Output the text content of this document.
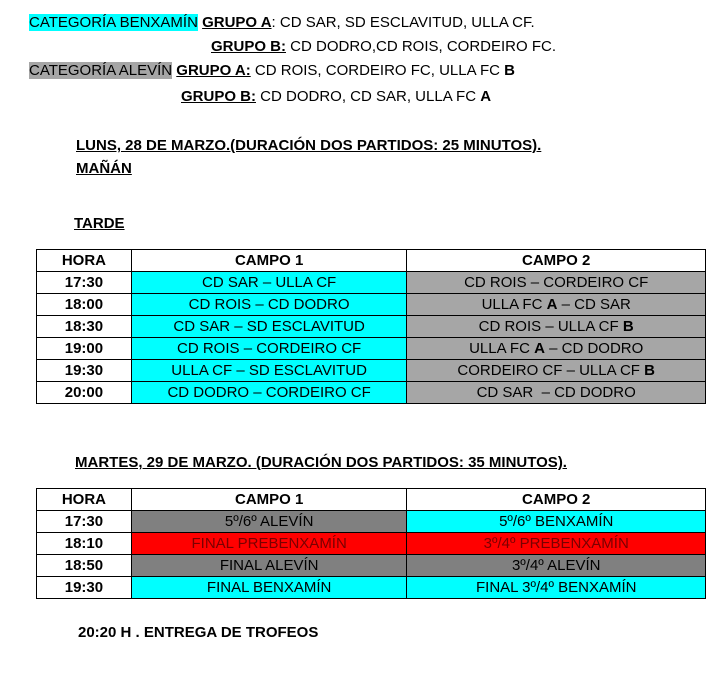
CATEGORÍA BENXAMÍN GRUPO A: CD SAR, SD ESCLAVITUD, ULLA CF.
GRUPO B: CD DODRO,CD ROIS, CORDEIRO FC.
CATEGORÍA ALEVÍN GRUPO A: CD ROIS, CORDEIRO FC, ULLA FC B
GRUPO B: CD DODRO, CD SAR, ULLA FC A
LUNS, 28 DE MARZO.(DURACIÓN DOS PARTIDOS: 25 MINUTOS).
MAÑÁN
TARDE
HORA	CAMPO 1	CAMPO 2
17:30	CD SAR – ULLA CF	CD ROIS – CORDEIRO CF
18:00	CD ROIS – CD DODRO	ULLA FC A – CD SAR
18:30	CD SAR – SD ESCLAVITUD	CD ROIS – ULLA CF B
19:00	CD ROIS – CORDEIRO CF	ULLA FC A – CD DODRO
19:30	ULLA CF – SD ESCLAVITUD	CORDEIRO CF – ULLA CF B
20:00	CD DODRO – CORDEIRO CF	CD SAR  – CD DODRO
MARTES, 29 DE MARZO. (DURACIÓN DOS PARTIDOS: 35 MINUTOS).
HORA	CAMPO 1	CAMPO 2
17:30	5º/6º ALEVÍN	5º/6º BENXAMÍN
18:10	FINAL PREBENXAMÍN	3º/4º PREBENXAMÍN
18:50	FINAL ALEVÍN	3º/4º ALEVÍN
19:30	FINAL BENXAMÍN	FINAL 3º/4º BENXAMÍN
20:20 H . ENTREGA DE TROFEOS
